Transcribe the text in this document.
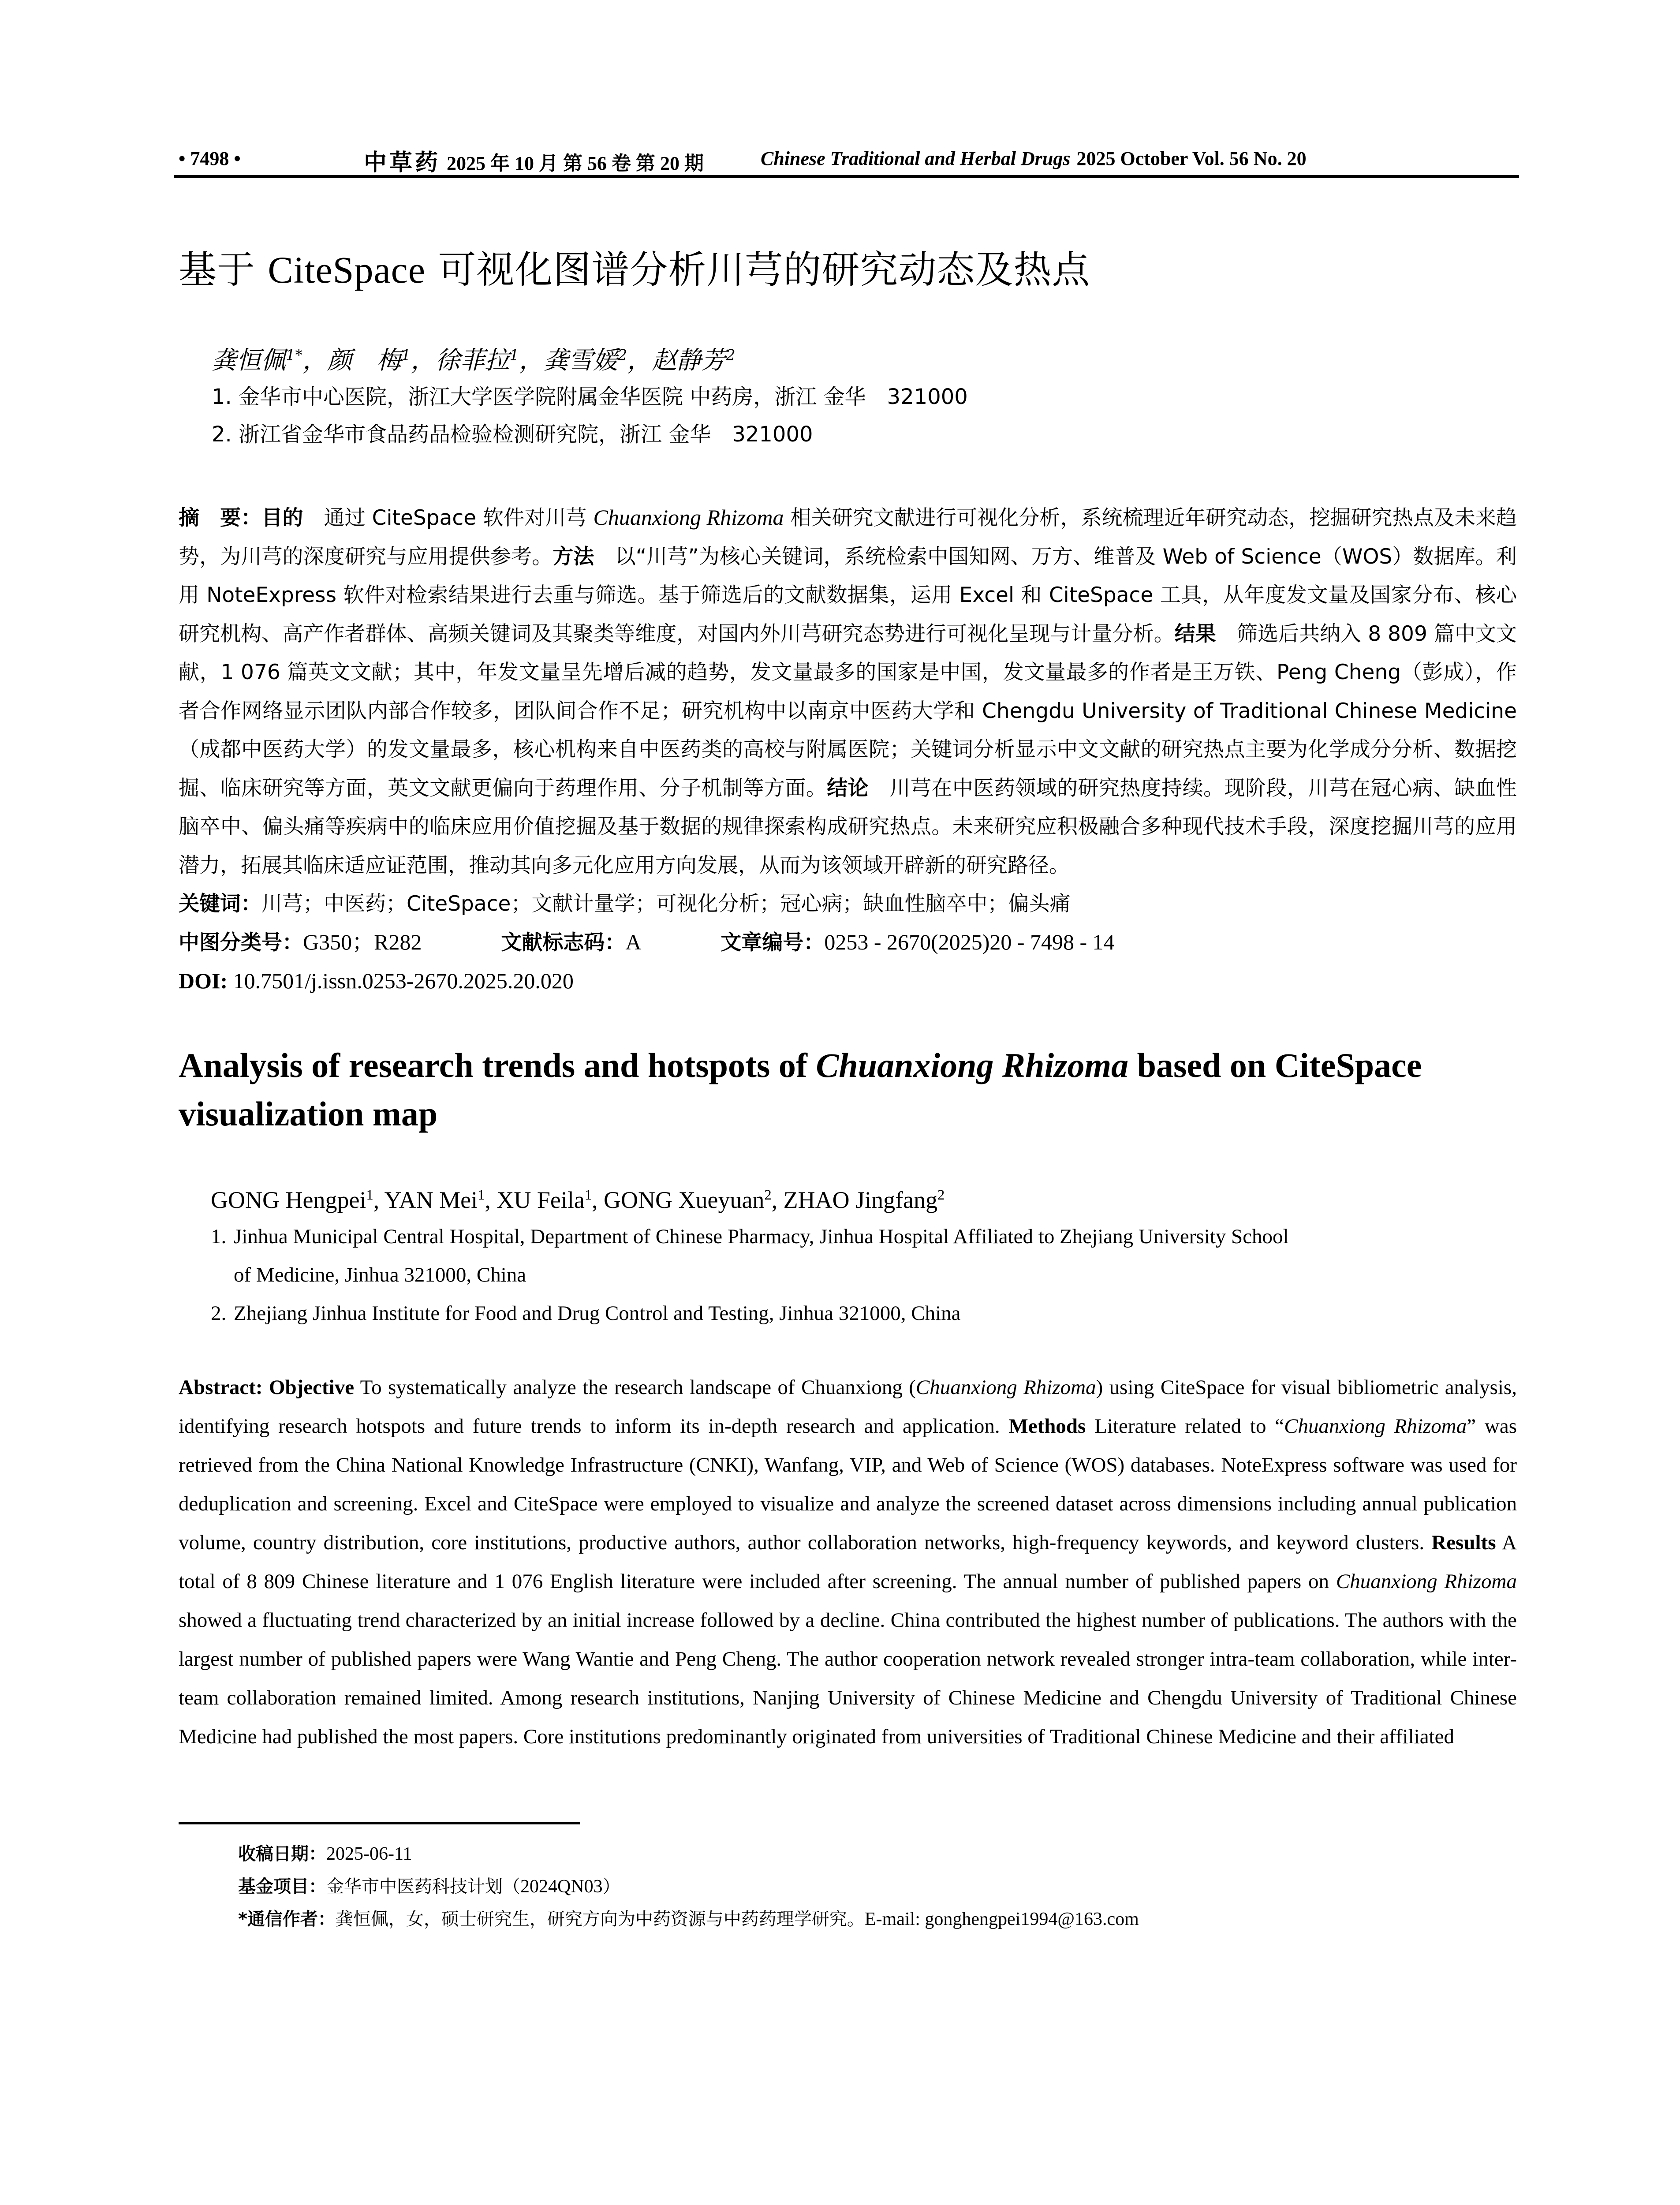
• 7498 •	中草药 2025 年 10 月 第 56 卷 第 20 期	Chinese Traditional and Herbal Drugs 2025 October Vol. 56 No. 20
基于 CiteSpace 可视化图谱分析川芎的研究动态及热点
龚恒佩$^{1*}$，颜　梅$^1$，徐菲拉$^1$，龚雪媛$^2$，赵静芳$^2$
1. 金华市中心医院，浙江大学医学院附属金华医院 中药房，浙江 金华　321000
2. 浙江省金华市食品药品检验检测研究院，浙江 金华　321000
摘　要：目的　通过 CiteSpace 软件对川芎 Chuanxiong Rhizoma 相关研究文献进行可视化分析，系统梳理近年研究动态，挖掘研究热点及未来趋势，为川芎的深度研究与应用提供参考。方法　以“川芎”为核心关键词，系统检索中国知网、万方、维普及 Web of Science（WOS）数据库。利用 NoteExpress 软件对检索结果进行去重与筛选。基于筛选后的文献数据集，运用 Excel 和 CiteSpace 工具，从年度发文量及国家分布、核心研究机构、高产作者群体、高频关键词及其聚类等维度，对国内外川芎研究态势进行可视化呈现与计量分析。结果　筛选后共纳入 8 809 篇中文文献，1 076 篇英文文献；其中，年发文量呈先增后减的趋势，发文量最多的国家是中国，发文量最多的作者是王万铁、Peng Cheng（彭成），作者合作网络显示团队内部合作较多，团队间合作不足；研究机构中以南京中医药大学和 Chengdu University of Traditional Chinese Medicine（成都中医药大学）的发文量最多，核心机构来自中医药类的高校与附属医院；关键词分析显示中文文献的研究热点主要为化学成分分析、数据挖掘、临床研究等方面，英文文献更偏向于药理作用、分子机制等方面。结论　川芎在中医药领域的研究热度持续。现阶段，川芎在冠心病、缺血性脑卒中、偏头痛等疾病中的临床应用价值挖掘及基于数据的规律探索构成研究热点。未来研究应积极融合多种现代技术手段，深度挖掘川芎的应用潜力，拓展其临床适应证范围，推动其向多元化应用方向发展，从而为该领域开辟新的研究路径。
关键词：川芎；中医药；CiteSpace；文献计量学；可视化分析；冠心病；缺血性脑卒中；偏头痛
中图分类号：G350；R282	文献标志码：A	文章编号：0253 - 2670(2025)20 - 7498 - 14
DOI: 10.7501/j.issn.0253-2670.2025.20.020
Analysis of research trends and hotspots of Chuanxiong Rhizoma based on CiteSpace visualization map
GONG Hengpei$^1$, YAN Mei$^1$, XU Feila$^1$, GONG Xueyuan$^2$, ZHAO Jingfang$^2$
1. Jinhua Municipal Central Hospital, Department of Chinese Pharmacy, Jinhua Hospital Affiliated to Zhejiang University School
of Medicine, Jinhua 321000, China
2. Zhejiang Jinhua Institute for Food and Drug Control and Testing, Jinhua 321000, China
Abstract: Objective To systematically analyze the research landscape of Chuanxiong (Chuanxiong Rhizoma) using CiteSpace for visual bibliometric analysis, identifying research hotspots and future trends to inform its in-depth research and application. Methods Literature related to “Chuanxiong Rhizoma” was retrieved from the China National Knowledge Infrastructure (CNKI), Wanfang, VIP, and Web of Science (WOS) databases. NoteExpress software was used for deduplication and screening. Excel and CiteSpace were employed to visualize and analyze the screened dataset across dimensions including annual publication volume, country distribution, core institutions, productive authors, author collaboration networks, high-frequency keywords, and keyword clusters. Results A total of 8 809 Chinese literature and 1 076 English literature were included after screening. The annual number of published papers on Chuanxiong Rhizoma showed a fluctuating trend characterized by an initial increase followed by a decline. China contributed the highest number of publications. The authors with the largest number of published papers were Wang Wantie and Peng Cheng. The author cooperation network revealed stronger intra-team collaboration, while inter-team collaboration remained limited. Among research institutions, Nanjing University of Chinese Medicine and Chengdu University of Traditional Chinese Medicine had published the most papers. Core institutions predominantly originated from universities of Traditional Chinese Medicine and their affiliated
收稿日期：2025-06-11
基金项目：金华市中医药科技计划（2024QN03）
*通信作者：龚恒佩，女，硕士研究生，研究方向为中药资源与中药药理学研究。E-mail: gonghengpei1994@163.com
